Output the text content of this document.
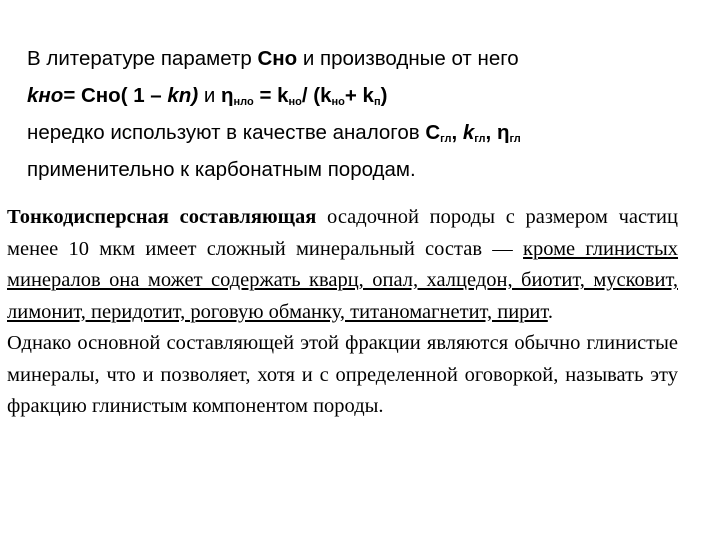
В литературе параметр Cно и производные от него
kно= Cно( 1 – kn) и $\eta_{нло} = k_{но}/$ $(k_{но}+ k_п)$
нередко используют в качестве аналогов $C_{гл}$, $k_{гл}$, $\eta_{гл}$
применительно к карбонатным породам.

Тонкодисперсная составляющая осадочной породы с размером частиц менее 10 мкм имеет сложный минеральный состав — кроме глинистых минералов она может содержать кварц, опал, халцедон, биотит, мусковит, лимонит, перидотит, роговую обманку, титаномагнетит, пирит.

Однако основной составляющей этой фракции являются обычно глинистые минералы, что и позволяет, хотя и с определенной оговоркой, называть эту фракцию глинистым компонентом породы.
